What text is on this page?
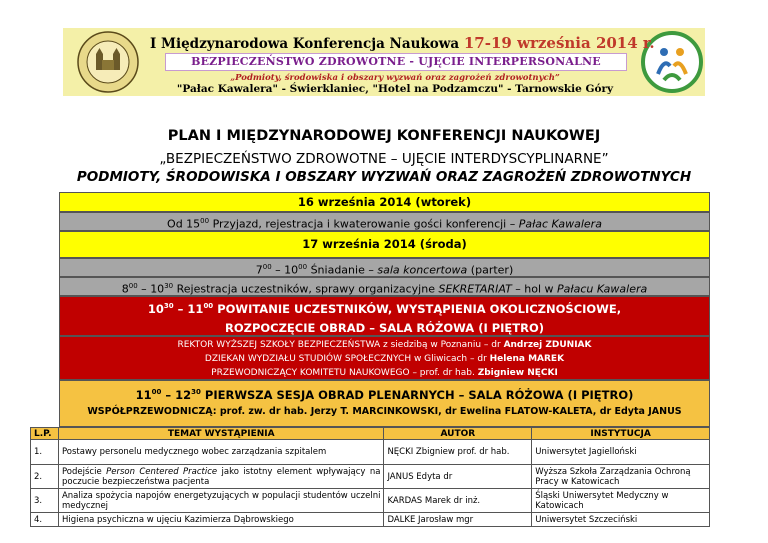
I Międzynarodowa Konferencja Naukowa 17-19 września 2014 r.
BEZPIECZEŃSTWO ZDROWOTNE - UJĘCIE INTERPERSONALNE
„Podmioty, środowiska i obszary wyzwań oraz zagrożeń zdrowotnych”
"Pałac Kawalera" - Świerklaniec, "Hotel na Podzamczu" - Tarnowskie Góry
PLAN I MIĘDZYNARODOWEJ KONFERENCJI NAUKOWEJ
„BEZPIECZEŃSTWO ZDROWOTNE – UJĘCIE INTERDYSCYPLINARNE”
PODMIOTY, ŚRODOWISKA I OBSZARY WYZWAŃ ORAZ ZAGROŻEŃ ZDROWOTNYCH
16 września 2014 (wtorek)
Od $15^{00}$ Przyjazd, rejestracja i kwaterowanie gości konferencji – Pałac Kawalera
17 września 2014 (środa)
$7^{00} - 10^{00}$ Śniadanie – sala koncertowa (parter)
$8^{00} - 10^{30}$ Rejestracja uczestników, sprawy organizacyjne SEKRETARIAT – hol w Pałacu Kawalera
$10^{30} - 11^{00}$ POWITANIE UCZESTNIKÓW, WYSTĄPIENIA OKOLICZNOŚCIOWE,
ROZPOCZĘCIE OBRAD – SALA RÓŻOWA (I PIĘTRO)
REKTOR WYŻSZEJ SZKOŁY BEZPIECZEŃSTWA z siedzibą w Poznaniu – dr Andrzej ZDUNIAK
DZIEKAN WYDZIAŁU STUDIÓW SPOŁECZNYCH w Gliwicach – dr Helena MAREK
PRZEWODNICZĄCY KOMITETU NAUKOWEGO – prof. dr hab. Zbigniew NĘCKI
$11^{00} - 12^{30}$ PIERWSZA SESJA OBRAD PLENARNYCH – SALA RÓŻOWA (I PIĘTRO)
WSPÓŁPRZEWODNICZĄ: prof. zw. dr hab. Jerzy T. MARCINKOWSKI, dr Ewelina FLATOW-KALETA, dr Edyta JANUS
L.P.	TEMAT WYSTĄPIENIA	AUTOR	INSTYTUCJA
1.	Postawy personelu medycznego wobec zarządzania szpitalem	NĘCKI Zbigniew prof. dr hab.	Uniwersytet Jagielloński
2.	Podejście Person Centered Practice jako istotny element wpływający na poczucie bezpieczeństwa pacjenta	JANUS Edyta dr	Wyższa Szkoła Zarządzania Ochroną Pracy w Katowicach
3.	Analiza spożycia napojów energetyzujących w populacji studentów uczelni medycznej	KARDAS Marek dr inż.	Śląski Uniwersytet Medyczny w Katowicach
4.	Higiena psychiczna w ujęciu Kazimierza Dąbrowskiego	DALKE Jarosław mgr	Uniwersytet Szczeciński
